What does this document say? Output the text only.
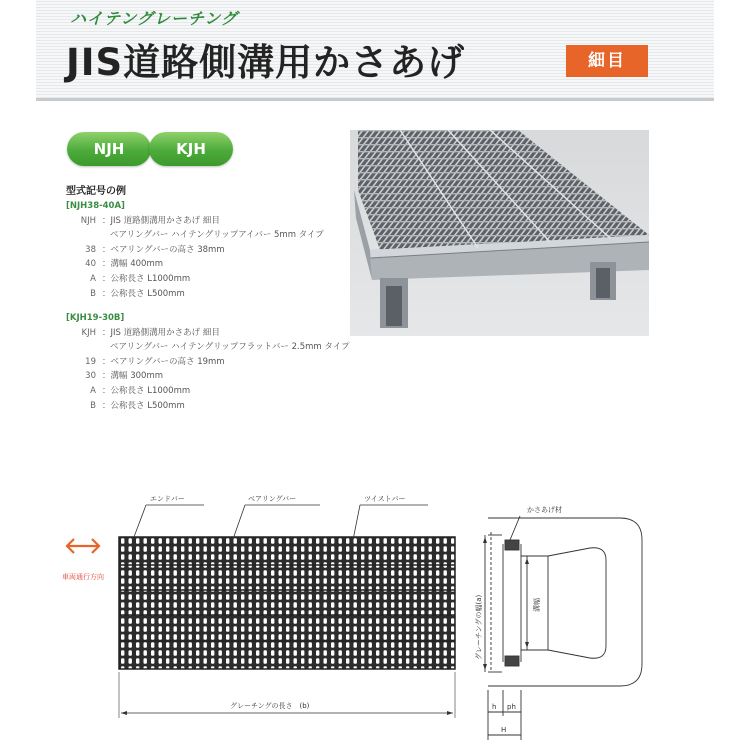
ハイテングレーチング
JIS道路側溝用かさあげ	細目
NJH	KJH
型式記号の例
[NJH38-40A]
NJH ： JIS 道路側溝用かさあげ 細目
ベアリングバー ハイテングリップアイバー 5mm タイプ
38 ： ベアリングバーの高さ 38mm
40 ： 溝幅 400mm
A ： 公称長さ L1000mm
B ： 公称長さ L500mm
[KJH19-30B]
KJH ： JIS 道路側溝用かさあげ 細目
ベアリングバー ハイテングリップフラットバー 2.5mm タイプ
19 ： ベアリングバーの高さ 19mm
30 ： 溝幅 300mm
A ： 公称長さ L1000mm
B ： 公称長さ L500mm
車両通行方向
エンドバー	ベアリングバー	ツイストバー
グレーチングの長さ　(b)
かさあげ材
グレーチングの幅(a)	溝幅
h ph
H
